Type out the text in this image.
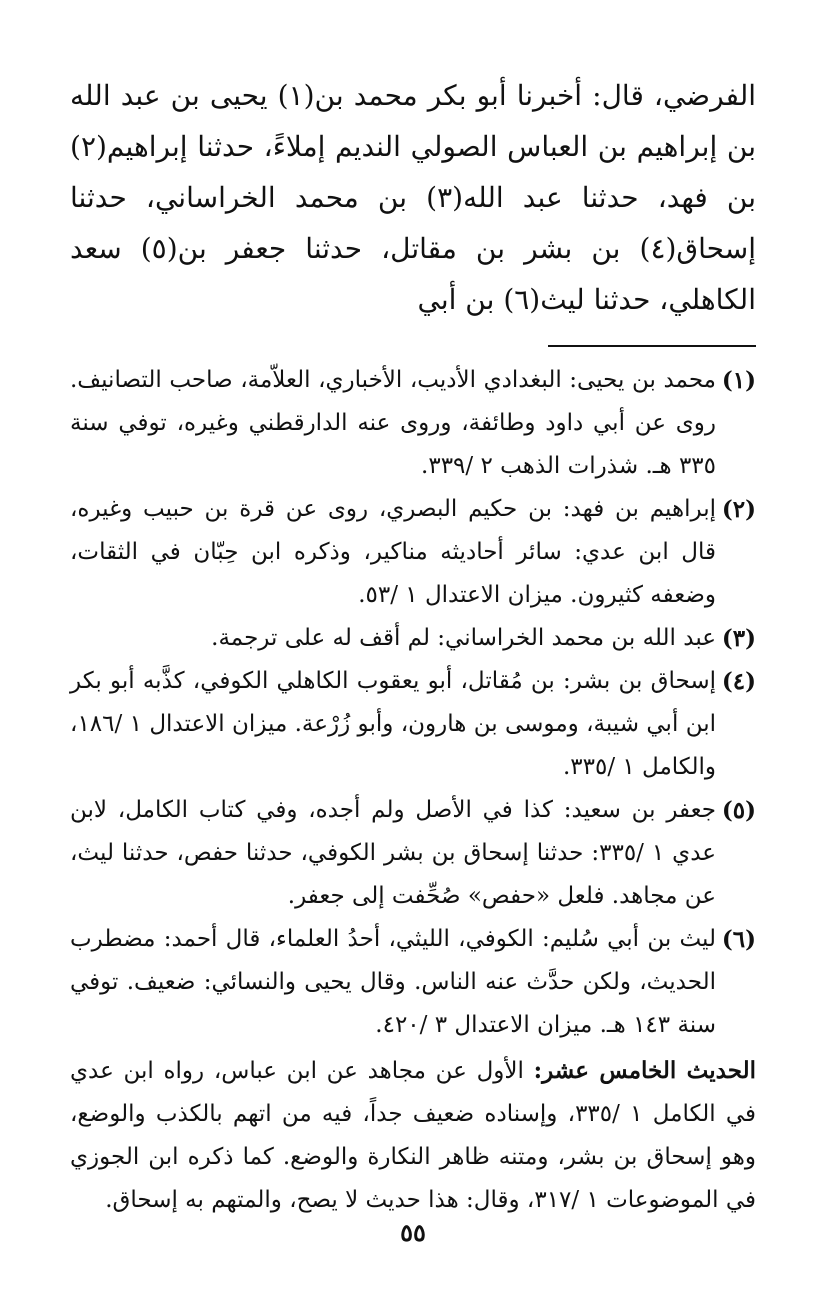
الفرضي، قال: أخبرنا أبو بكر محمد بن(١) يحيى بن عبد الله بن إبراهيم بن العباس الصولي النديم إملاءً، حدثنا إبراهيم(٢) بن فهد، حدثنا عبد الله(٣) بن محمد الخراساني، حدثنا إسحاق(٤) بن بشر بن مقاتل، حدثنا جعفر بن(٥) سعد الكاهلي، حدثنا ليث(٦) بن أبي

(١)
محمد بن يحيى: البغدادي الأديب، الأخباري، العلاّمة، صاحب التصانيف. روى عن أبي داود وطائفة، وروى عنه الدارقطني وغيره، توفي سنة ٣٣٥ هـ. شذرات الذهب ٢ /٣٣٩.
(٢)
إبراهيم بن فهد: بن حكيم البصري، روى عن قرة بن حبيب وغيره، قال ابن عدي: سائر أحاديثه مناكير، وذكره ابن حِبّان في الثقات، وضعفه كثيرون. ميزان الاعتدال ١ /٥٣.
(٣)
عبد الله بن محمد الخراساني: لم أقف له على ترجمة.
(٤)
إسحاق بن بشر: بن مُقاتل، أبو يعقوب الكاهلي الكوفي، كذَّبه أبو بكر ابن أبي شيبة، وموسى بن هارون، وأبو زُرْعة. ميزان الاعتدال ١ /١٨٦، والكامل ١ /٣٣٥.
(٥)
جعفر بن سعيد: كذا في الأصل ولم أجده، وفي كتاب الكامل، لابن عدي ١ /٣٣٥: حدثنا إسحاق بن بشر الكوفي، حدثنا حفص، حدثنا ليث، عن مجاهد. فلعل «حفص» صُحِّفت إلى جعفر.
(٦)
ليث بن أبي سُليم: الكوفي، الليثي، أحدُ العلماء، قال أحمد: مضطرب الحديث، ولكن حدَّث عنه الناس. وقال يحيى والنسائي: ضعيف. توفي سنة ١٤٣ هـ. ميزان الاعتدال ٣ /٤٢٠.

الحديث الخامس عشر: الأول عن مجاهد عن ابن عباس، رواه ابن عدي في الكامل ١ /٣٣٥، وإسناده ضعيف جداً، فيه من اتهم بالكذب والوضع، وهو إسحاق بن بشر، ومتنه ظاهر النكارة والوضع. كما ذكره ابن الجوزي في الموضوعات ١ /٣١٧، وقال: هذا حديث لا يصح، والمتهم به إسحاق.

٥٥
